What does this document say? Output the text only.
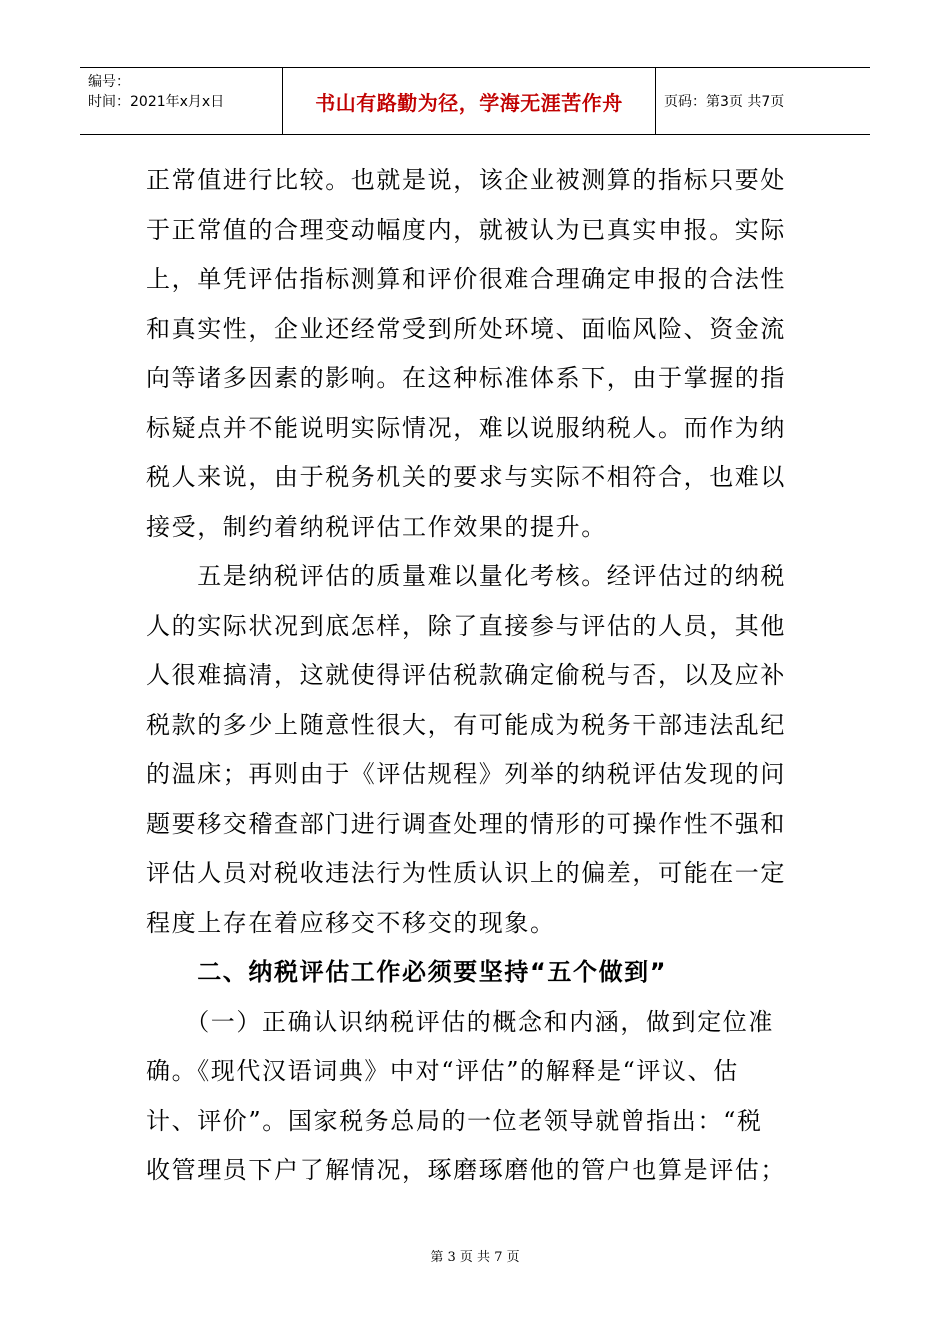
编号：
时间：2021年x月x日	书山有路勤为径，学海无涯苦作舟	页码：第3页 共7页
正常值进行比较。也就是说，该企业被测算的指标只要处
于正常值的合理变动幅度内，就被认为已真实申报。实际
上，单凭评估指标测算和评价很难合理确定申报的合法性
和真实性，企业还经常受到所处环境、面临风险、资金流
向等诸多因素的影响。在这种标准体系下，由于掌握的指
标疑点并不能说明实际情况，难以说服纳税人。而作为纳
税人来说，由于税务机关的要求与实际不相符合，也难以
接受，制约着纳税评估工作效果的提升。
　　五是纳税评估的质量难以量化考核。经评估过的纳税
人的实际状况到底怎样，除了直接参与评估的人员，其他
人很难搞清，这就使得评估税款确定偷税与否，以及应补
税款的多少上随意性很大，有可能成为税务干部违法乱纪
的温床；再则由于《评估规程》列举的纳税评估发现的问
题要移交稽查部门进行调查处理的情形的可操作性不强和
评估人员对税收违法行为性质认识上的偏差，可能在一定
程度上存在着应移交不移交的现象。
　　二、纳税评估工作必须要坚持“五个做到”
　　（一）正确认识纳税评估的概念和内涵，做到定位准
确。《现代汉语词典》中对“评估”的解释是“评议、估
计、评价”。国家税务总局的一位老领导就曾指出：“税
收管理员下户了解情况，琢磨琢磨他的管户也算是评估；
第 3 页 共 7 页
